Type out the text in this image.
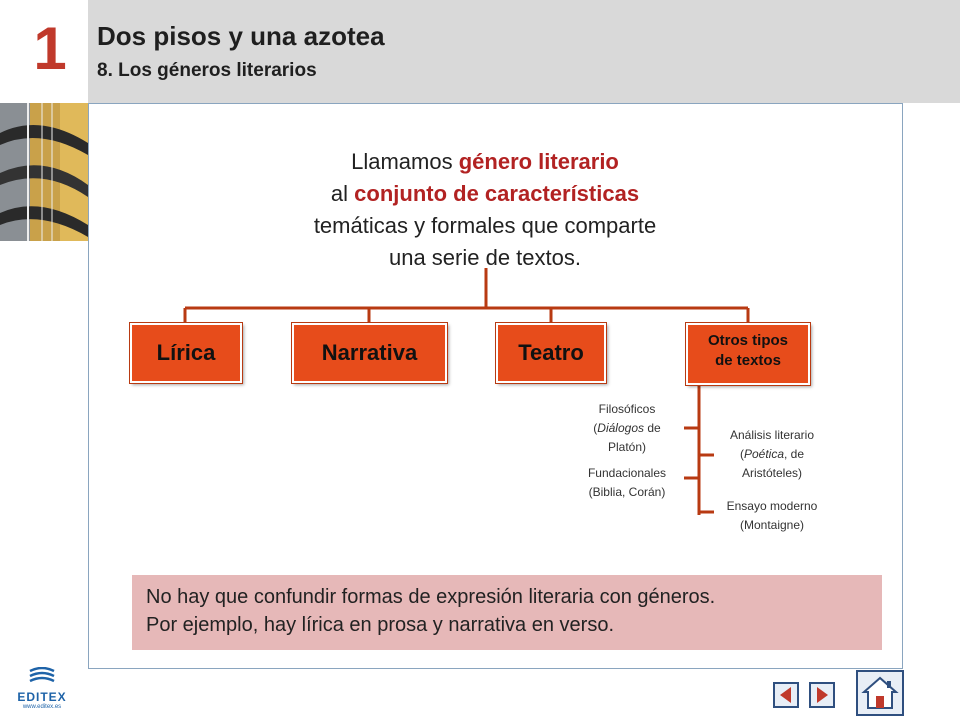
1	Dos pisos y una azotea
8. Los géneros literarios
Llamamos género literario
al conjunto de características
temáticas y formales que comparte
una serie de textos.
Lírica	Narrativa	Teatro	Otros tipos
de textos
Filosóficos
(Diálogos de
Platón)
Fundacionales
(Biblia, Corán)
Análisis literario
(Poética, de
Aristóteles)
Ensayo moderno
(Montaigne)
No hay que confundir formas de expresión literaria con géneros.
Por ejemplo, hay lírica en prosa y narrativa en verso.
EDITEX
www.editex.es
